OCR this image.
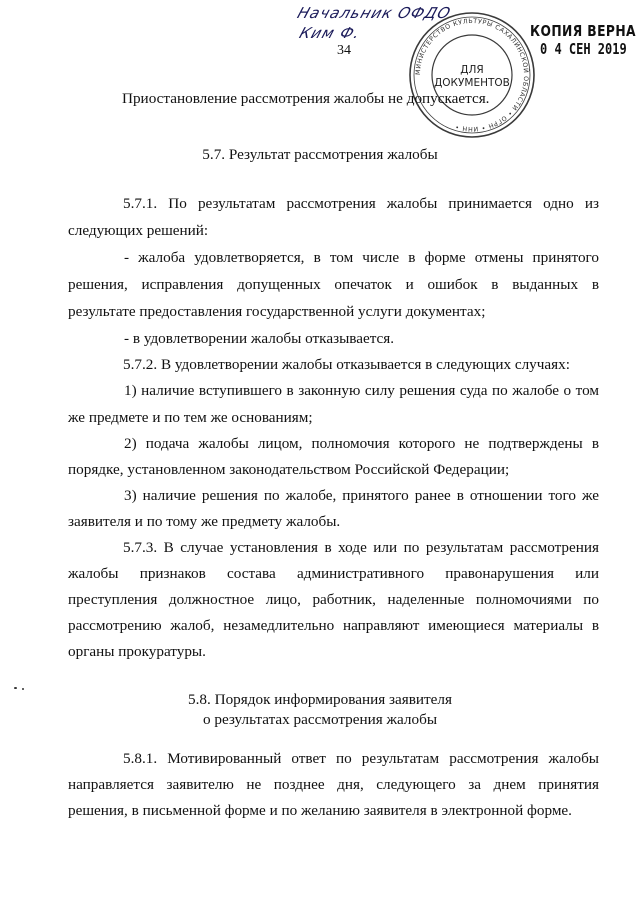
Начальник ОФДО
Ким Ф.
34
КОПИЯ ВЕРНА
0 4 СЕН 2019
МИНИСТЕРСТВО КУЛЬТУРЫ САХАЛИНСКОЙ ОБЛАСТИ • ОГРН • ИНН •
ДЛЯ
ДОКУМЕНТОВ
Приостановление рассмотрения жалобы не допускается.
5.7. Результат рассмотрения жалобы
5.7.1. По результатам рассмотрения жалобы принимается одно из
следующих решений:
- жалоба удовлетворяется, в том числе в форме отмены принятого
решения, исправления допущенных опечаток и ошибок в выданных в
результате предоставления государственной услуги документах;
- в удовлетворении жалобы отказывается.
5.7.2. В удовлетворении жалобы отказывается в следующих случаях:
1) наличие вступившего в законную силу решения суда по жалобе о том
же предмете и по тем же основаниям;
2) подача жалобы лицом, полномочия которого не подтверждены в
порядке, установленном законодательством Российской Федерации;
3) наличие решения по жалобе, принятого ранее в отношении того же
заявителя и по тому же предмету жалобы.
5.7.3. В случае установления в ходе или по результатам рассмотрения
жалобы признаков состава административного правонарушения или
преступления должностное лицо, работник, наделенные полномочиями по
рассмотрению жалоб, незамедлительно направляют имеющиеся материалы в
органы прокуратуры.
5.8. Порядок информирования заявителя
о результатах рассмотрения жалобы
5.8.1. Мотивированный ответ по результатам рассмотрения жалобы
направляется заявителю не позднее дня, следующего за днем принятия
решения, в письменной форме и по желанию заявителя в электронной форме.
